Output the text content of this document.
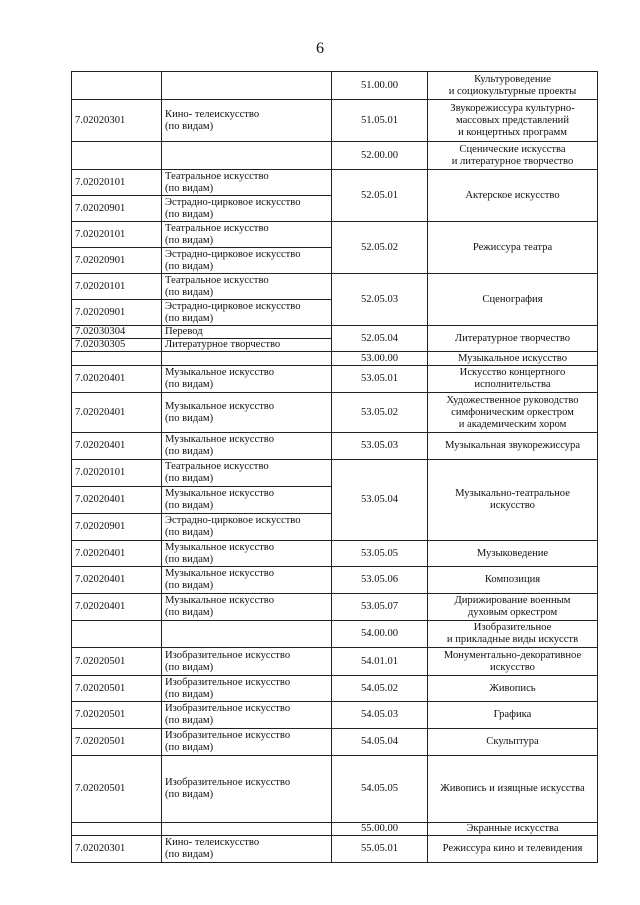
6
		51.00.00	Культуроведение
и социокультурные проекты

7.02020301	Кино- телеискусство
(по видам)	51.05.01	Звукорежиссура культурно-
массовых представлений
и концертных программ

		52.00.00	Сценические искусства
и литературное творчество

7.02020101	Театральное искусство
(по видам)	52.05.01	Актерское искусство

7.02020901	Эстрадно-цирковое искусство
(по видам)		

7.02020101	Театральное искусство
(по видам)	52.05.02	Режиссура театра

7.02020901	Эстрадно-цирковое искусство
(по видам)		

7.02020101	Театральное искусство
(по видам)	52.05.03	Сценография

7.02020901	Эстрадно-цирковое искусство
(по видам)		

7.02030304	Перевод	52.05.04	Литературное творчество

7.02030305	Литературное творчество		

		53.00.00	Музыкальное искусство

7.02020401	Музыкальное искусство
(по видам)	53.05.01	Искусство концертного
исполнительства

7.02020401	Музыкальное искусство
(по видам)	53.05.02	Художественное руководство
симфоническим оркестром
и академическим хором

7.02020401	Музыкальное искусство
(по видам)	53.05.03	Музыкальная звукорежиссура

7.02020101	Театральное искусство
(по видам)	53.05.04	Музыкально-театральное
искусство

7.02020401	Музыкальное искусство
(по видам)		

7.02020901	Эстрадно-цирковое искусство
(по видам)		

7.02020401	Музыкальное искусство
(по видам)	53.05.05	Музыковедение

7.02020401	Музыкальное искусство
(по видам)	53.05.06	Композиция

7.02020401	Музыкальное искусство
(по видам)	53.05.07	Дирижирование военным
духовым оркестром

		54.00.00	Изобразительное
и прикладные виды искусств

7.02020501	Изобразительное искусство
(по видам)	54.01.01	Монументально-декоративное
искусство

7.02020501	Изобразительное искусство
(по видам)	54.05.02	Живопись

7.02020501	Изобразительное искусство
(по видам)	54.05.03	Графика

7.02020501	Изобразительное искусство
(по видам)	54.05.04	Скульптура

7.02020501	Изобразительное искусство
(по видам)	54.05.05	Живопись и изящные искусства

		55.00.00	Экранные искусства

7.02020301	Кино- телеискусство
(по видам)	55.05.01	Режиссура кино и телевидения
